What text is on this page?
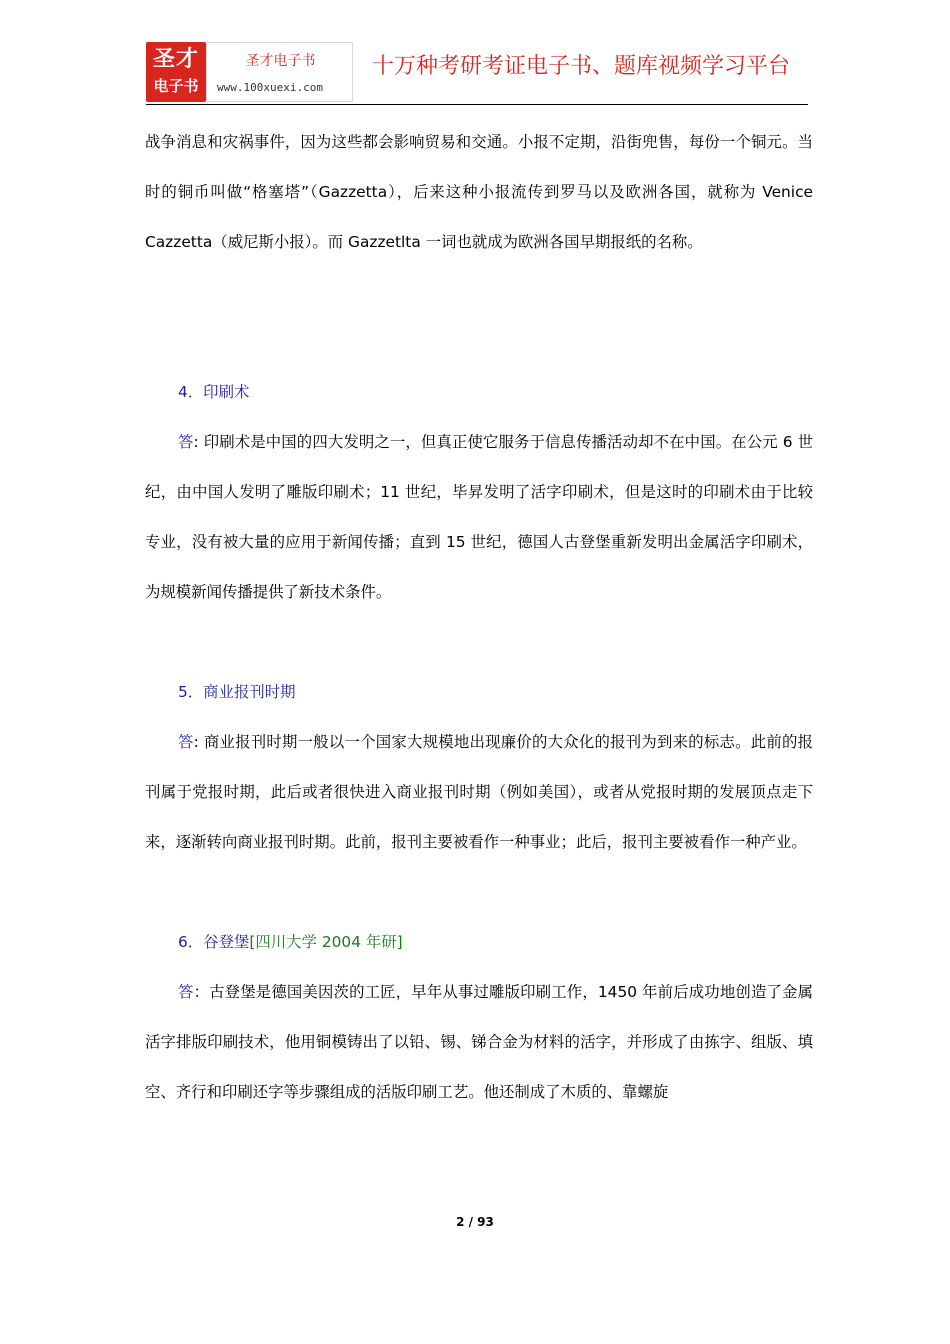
圣才
电子书
圣才电子书
www.100xuexi.com
十万种考研考证电子书、题库视频学习平台

战争消息和灾祸事件，因为这些都会影响贸易和交通。小报不定期，沿街兜售，每份一个铜元。当时的铜币叫做“格塞塔”（Gazzetta），后来这种小报流传到罗马以及欧洲各国，就称为 Venice Cazzetta（威尼斯小报）。而 Gazzetlta 一词也就成为欧洲各国早期报纸的名称。

4．印刷术

答: 印刷术是中国的四大发明之一，但真正使它服务于信息传播活动却不在中国。在公元 6 世纪，由中国人发明了雕版印刷术；11 世纪，毕昇发明了活字印刷术，但是这时的印刷术由于比较专业，没有被大量的应用于新闻传播；直到 15 世纪，德国人古登堡重新发明出金属活字印刷术，为规模新闻传播提供了新技术条件。

5．商业报刊时期

答: 商业报刊时期一般以一个国家大规模地出现廉价的大众化的报刊为到来的标志。此前的报刊属于党报时期，此后或者很快进入商业报刊时期（例如美国），或者从党报时期的发展顶点走下来，逐渐转向商业报刊时期。此前，报刊主要被看作一种事业；此后，报刊主要被看作一种产业。

6．谷登堡[四川大学 2004 年研]

答：古登堡是德国美因茨的工匠，早年从事过雕版印刷工作，1450 年前后成功地创造了金属活字排版印刷技术，他用铜模铸出了以铅、锡、锑合金为材料的活字，并形成了由拣字、组版、填空、齐行和印刷还字等步骤组成的活版印刷工艺。他还制成了木质的、靠螺旋

2 / 93
